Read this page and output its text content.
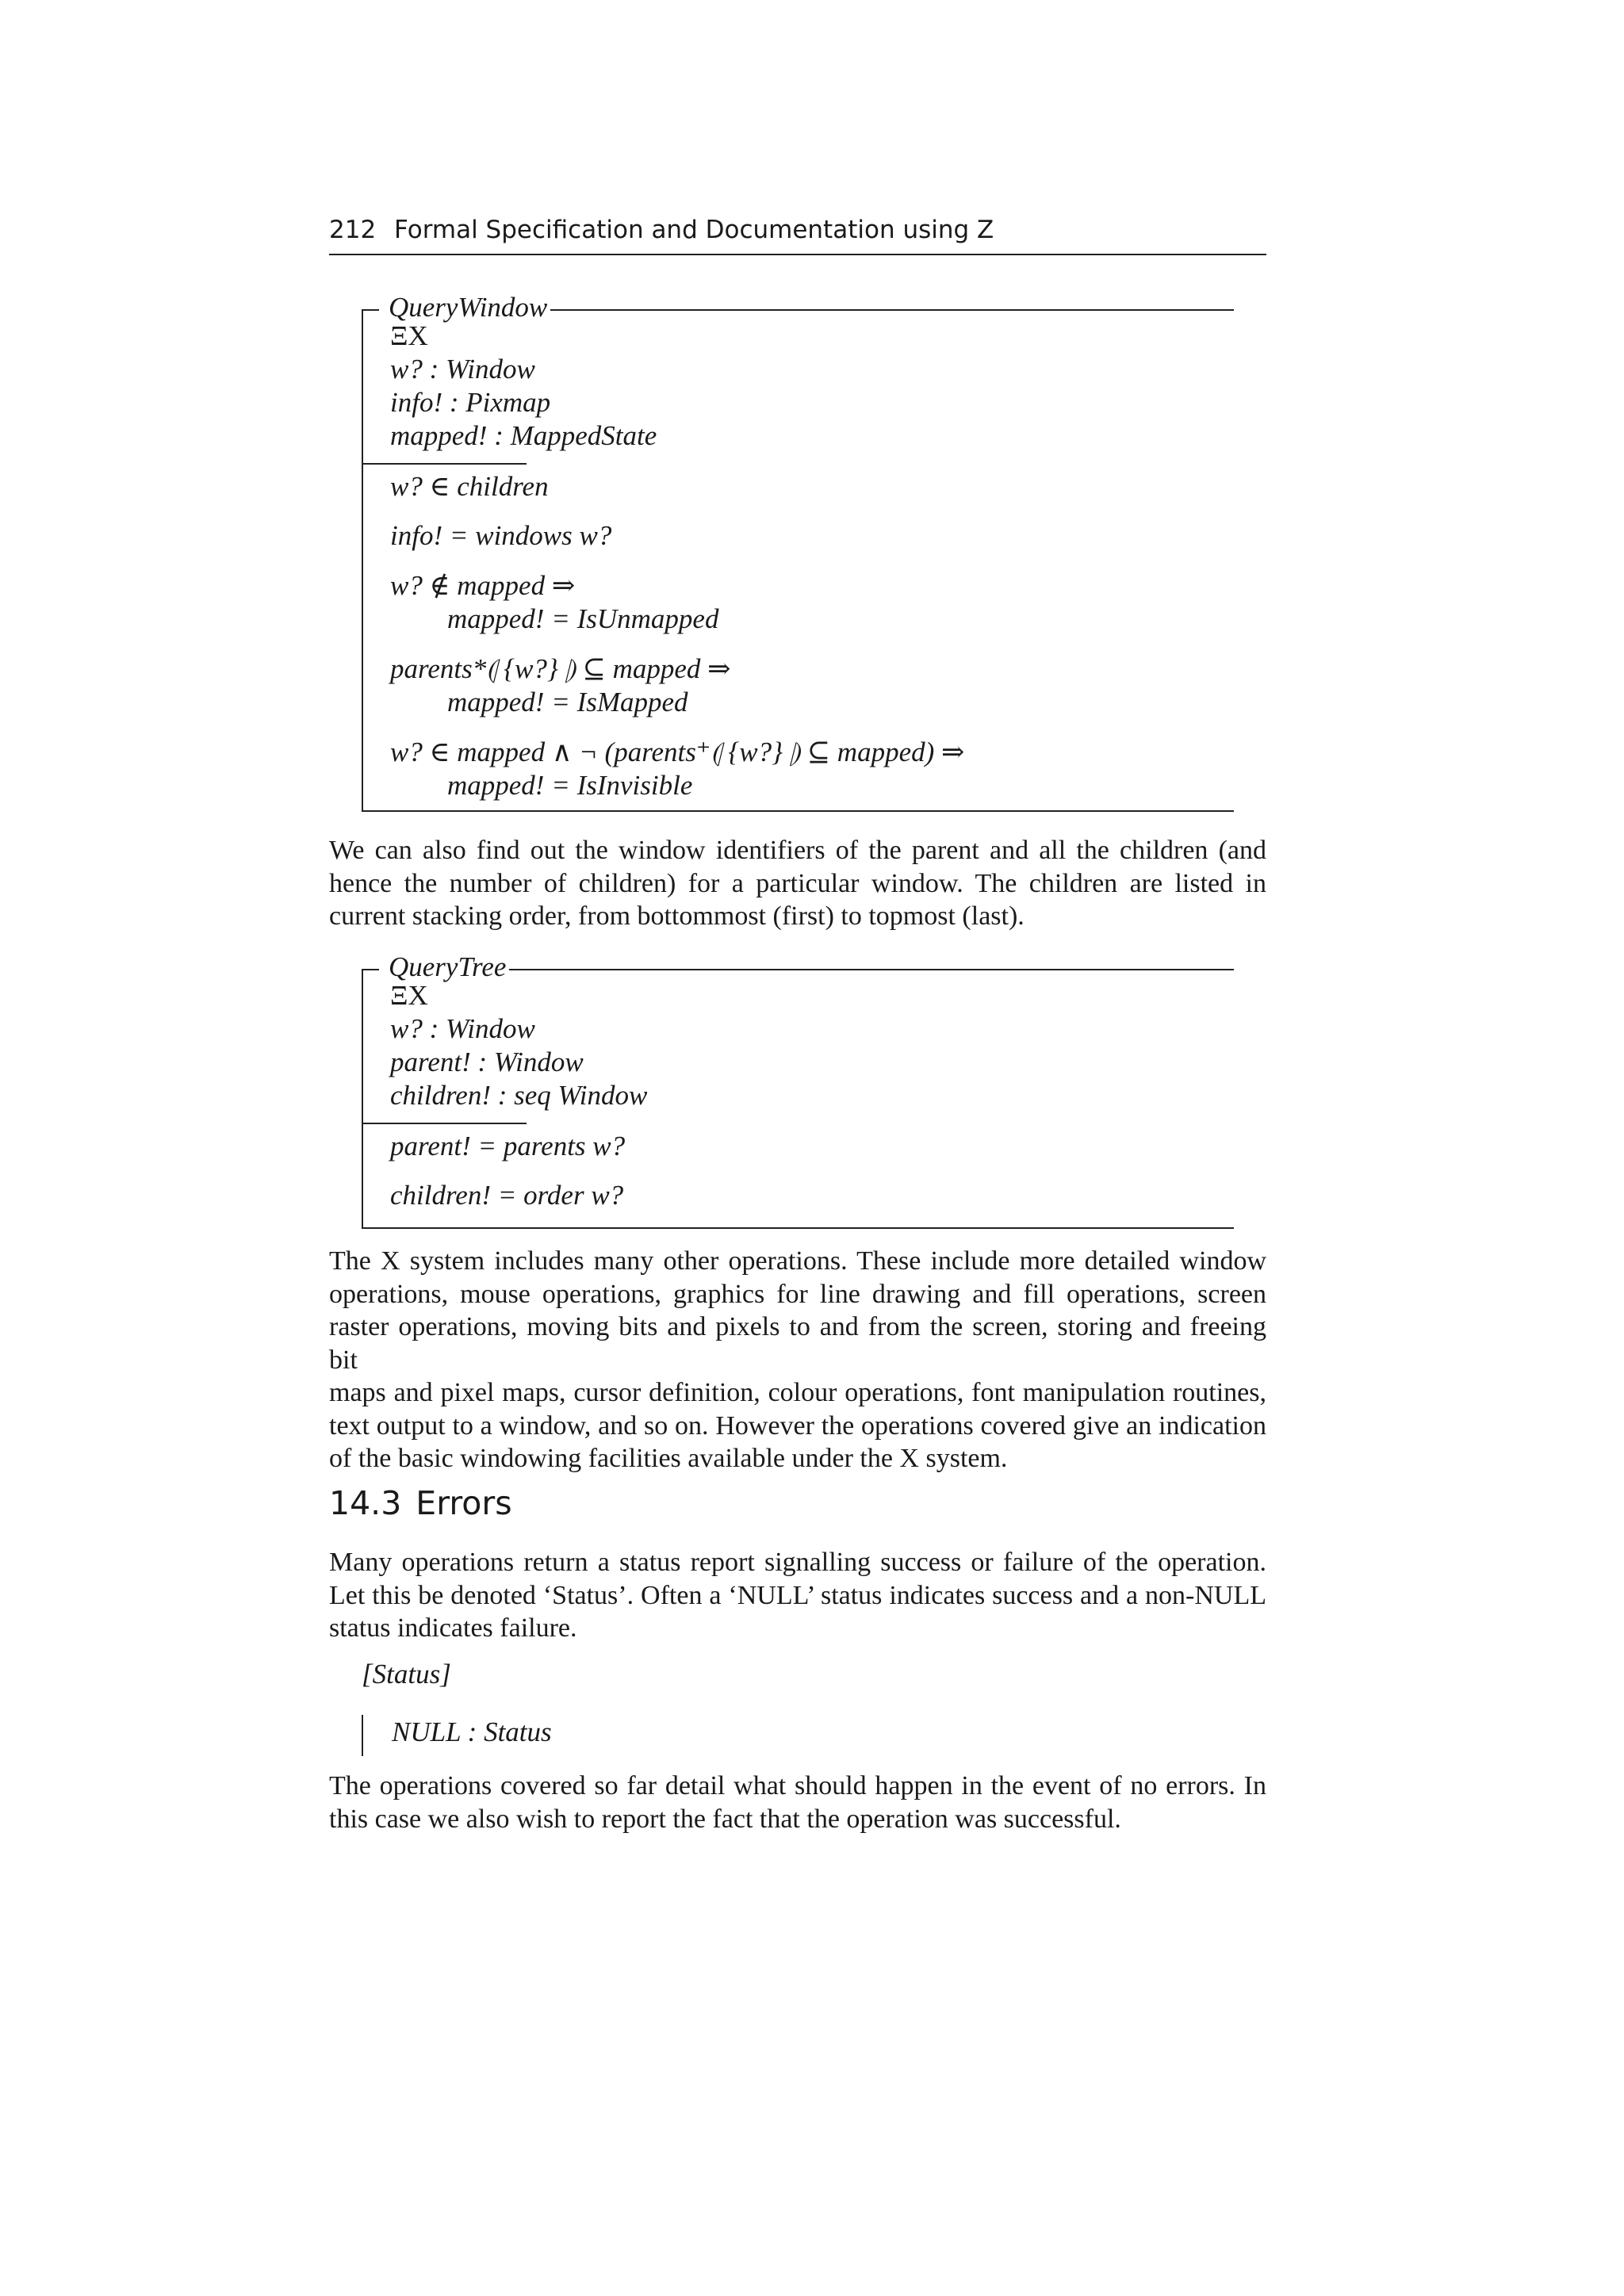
212 Formal Specification and Documentation using Z
QueryWindow
ΞX
w? : Window
info! : Pixmap
mapped! : MappedState
w? ∈ children
info! = windows w?
w? ∉ mapped ⇒
mapped! = IsUnmapped
parents*⦇ {w?} ⦈ ⊆ mapped ⇒
mapped! = IsMapped
w? ∈ mapped ∧ ¬ (parents⁺⦇ {w?} ⦈ ⊆ mapped) ⇒
mapped! = IsInvisible
We can also find out the window identifiers of the parent and all the children (and
hence the number of children) for a particular window. The children are listed in
current stacking order, from bottommost (first) to topmost (last).
QueryTree
ΞX
w? : Window
parent! : Window
children! : seq Window
parent! = parents w?
children! = order w?
The X system includes many other operations. These include more detailed window
operations, mouse operations, graphics for line drawing and fill operations, screen
raster operations, moving bits and pixels to and from the screen, storing and freeing bit
maps and pixel maps, cursor definition, colour operations, font manipulation routines,
text output to a window, and so on. However the operations covered give an indication
of the basic windowing facilities available under the X system.
14.3 Errors
Many operations return a status report signalling success or failure of the operation.
Let this be denoted ‘Status’. Often a ‘NULL’ status indicates success and a non-NULL
status indicates failure.
[Status]
NULL : Status
The operations covered so far detail what should happen in the event of no errors. In
this case we also wish to report the fact that the operation was successful.
